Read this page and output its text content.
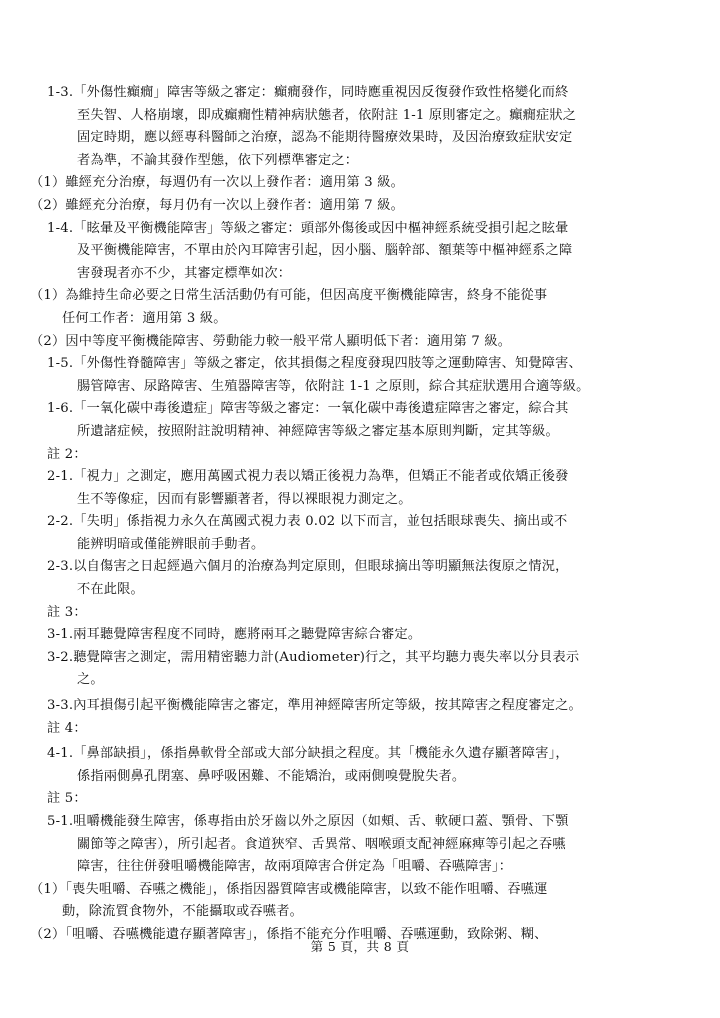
1-3.「外傷性癲癇」障害等級之審定：癲癇發作，同時應重視因反復發作致性格變化而終
至失智、人格崩壞，即成癲癇性精神病狀態者，依附註 1-1 原則審定之。癲癇症狀之
固定時期，應以經專科醫師之治療，認為不能期待醫療效果時，及因治療致症狀安定
者為準，不論其發作型態，依下列標準審定之：
（1）雖經充分治療，每週仍有一次以上發作者：適用第 3 級。
（2）雖經充分治療，每月仍有一次以上發作者：適用第 7 級。
1-4.「眩暈及平衡機能障害」等級之審定：頭部外傷後或因中樞神經系統受損引起之眩暈
及平衡機能障害，不單由於內耳障害引起，因小腦、腦幹部、額葉等中樞神經系之障
害發現者亦不少，其審定標準如次：
（1）為維持生命必要之日常生活活動仍有可能，但因高度平衡機能障害，終身不能從事
任何工作者：適用第 3 級。
（2）因中等度平衡機能障害、勞動能力較一般平常人顯明低下者：適用第 7 級。
1-5.「外傷性脊髓障害」等級之審定，依其損傷之程度發現四肢等之運動障害、知覺障害、
腸管障害、尿路障害、生殖器障害等，依附註 1-1 之原則，綜合其症狀選用合適等級。
1-6.「一氧化碳中毒後遺症」障害等級之審定：一氧化碳中毒後遺症障害之審定，綜合其
所遺諸症候，按照附註說明精神、神經障害等級之審定基本原則判斷，定其等級。
註 2：
2-1.「視力」之測定，應用萬國式視力表以矯正後視力為準，但矯正不能者或依矯正後發
生不等像症，因而有影響顯著者，得以裸眼視力測定之。
2-2.「失明」係指視力永久在萬國式視力表 0.02 以下而言，並包括眼球喪失、摘出或不
能辨明暗或僅能辨眼前手動者。
2-3.以自傷害之日起經過六個月的治療為判定原則，但眼球摘出等明顯無法復原之情況，
不在此限。
註 3：
3-1.兩耳聽覺障害程度不同時，應將兩耳之聽覺障害綜合審定。
3-2.聽覺障害之測定，需用精密聽力計(Audiometer)行之，其平均聽力喪失率以分貝表示
之。
3-3.內耳損傷引起平衡機能障害之審定，準用神經障害所定等級，按其障害之程度審定之。
註 4：
4-1.「鼻部缺損」，係指鼻軟骨全部或大部分缺損之程度。其「機能永久遺存顯著障害」，
係指兩側鼻孔閉塞、鼻呼吸困難、不能矯治，或兩側嗅覺脫失者。
註 5：
5-1.咀嚼機能發生障害，係專指由於牙齒以外之原因（如頰、舌、軟硬口蓋、顎骨、下顎
關節等之障害），所引起者。食道狹窄、舌異常、咽喉頭支配神經麻痺等引起之吞嚥
障害，往往併發咀嚼機能障害，故兩項障害合併定為「咀嚼、吞嚥障害」：
（1）「喪失咀嚼、吞嚥之機能」，係指因器質障害或機能障害，以致不能作咀嚼、吞嚥運
動，除流質食物外，不能攝取或吞嚥者。
（2）「咀嚼、吞嚥機能遺存顯著障害」，係指不能充分作咀嚼、吞嚥運動，致除粥、糊、
第 5 頁，共 8 頁
